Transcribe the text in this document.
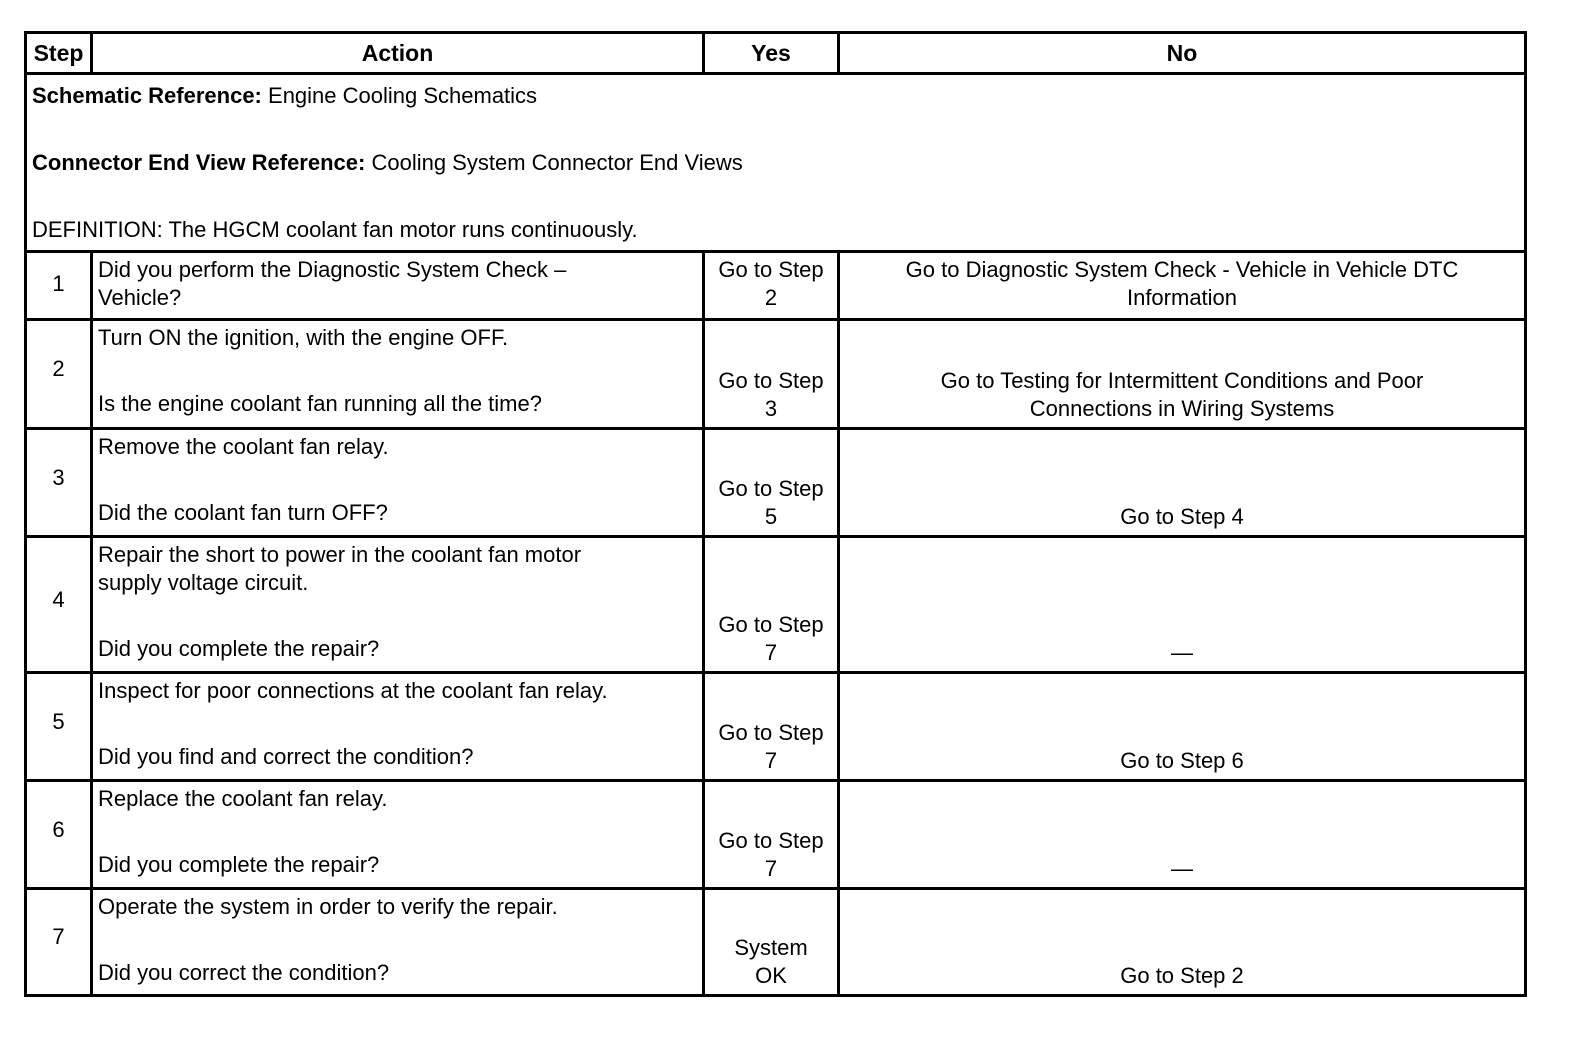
Step	Action	Yes	No

Schematic Reference: Engine Cooling Schematics
Connector End View Reference: Cooling System Connector End Views
DEFINITION: The HGCM coolant fan motor runs continuously.			

1	Did you perform the Diagnostic System Check –
Vehicle?	Go to Step
2	Go to Diagnostic System Check - Vehicle in Vehicle DTC
Information

2	Turn ON the ignition, with the engine OFF.
Is the engine coolant fan running all the time?	Go to Step
3	Go to Testing for Intermittent Conditions and Poor
Connections in Wiring Systems

3	Remove the coolant fan relay.
Did the coolant fan turn OFF?	Go to Step
5	Go to Step 4

4	Repair the short to power in the coolant fan motor
supply voltage circuit.
Did you complete the repair?	Go to Step
7	—

5	Inspect for poor connections at the coolant fan relay.
Did you find and correct the condition?	Go to Step
7	Go to Step 6

6	Replace the coolant fan relay.
Did you complete the repair?	Go to Step
7	—

7	Operate the system in order to verify the repair.
Did you correct the condition?	System
OK	Go to Step 2
